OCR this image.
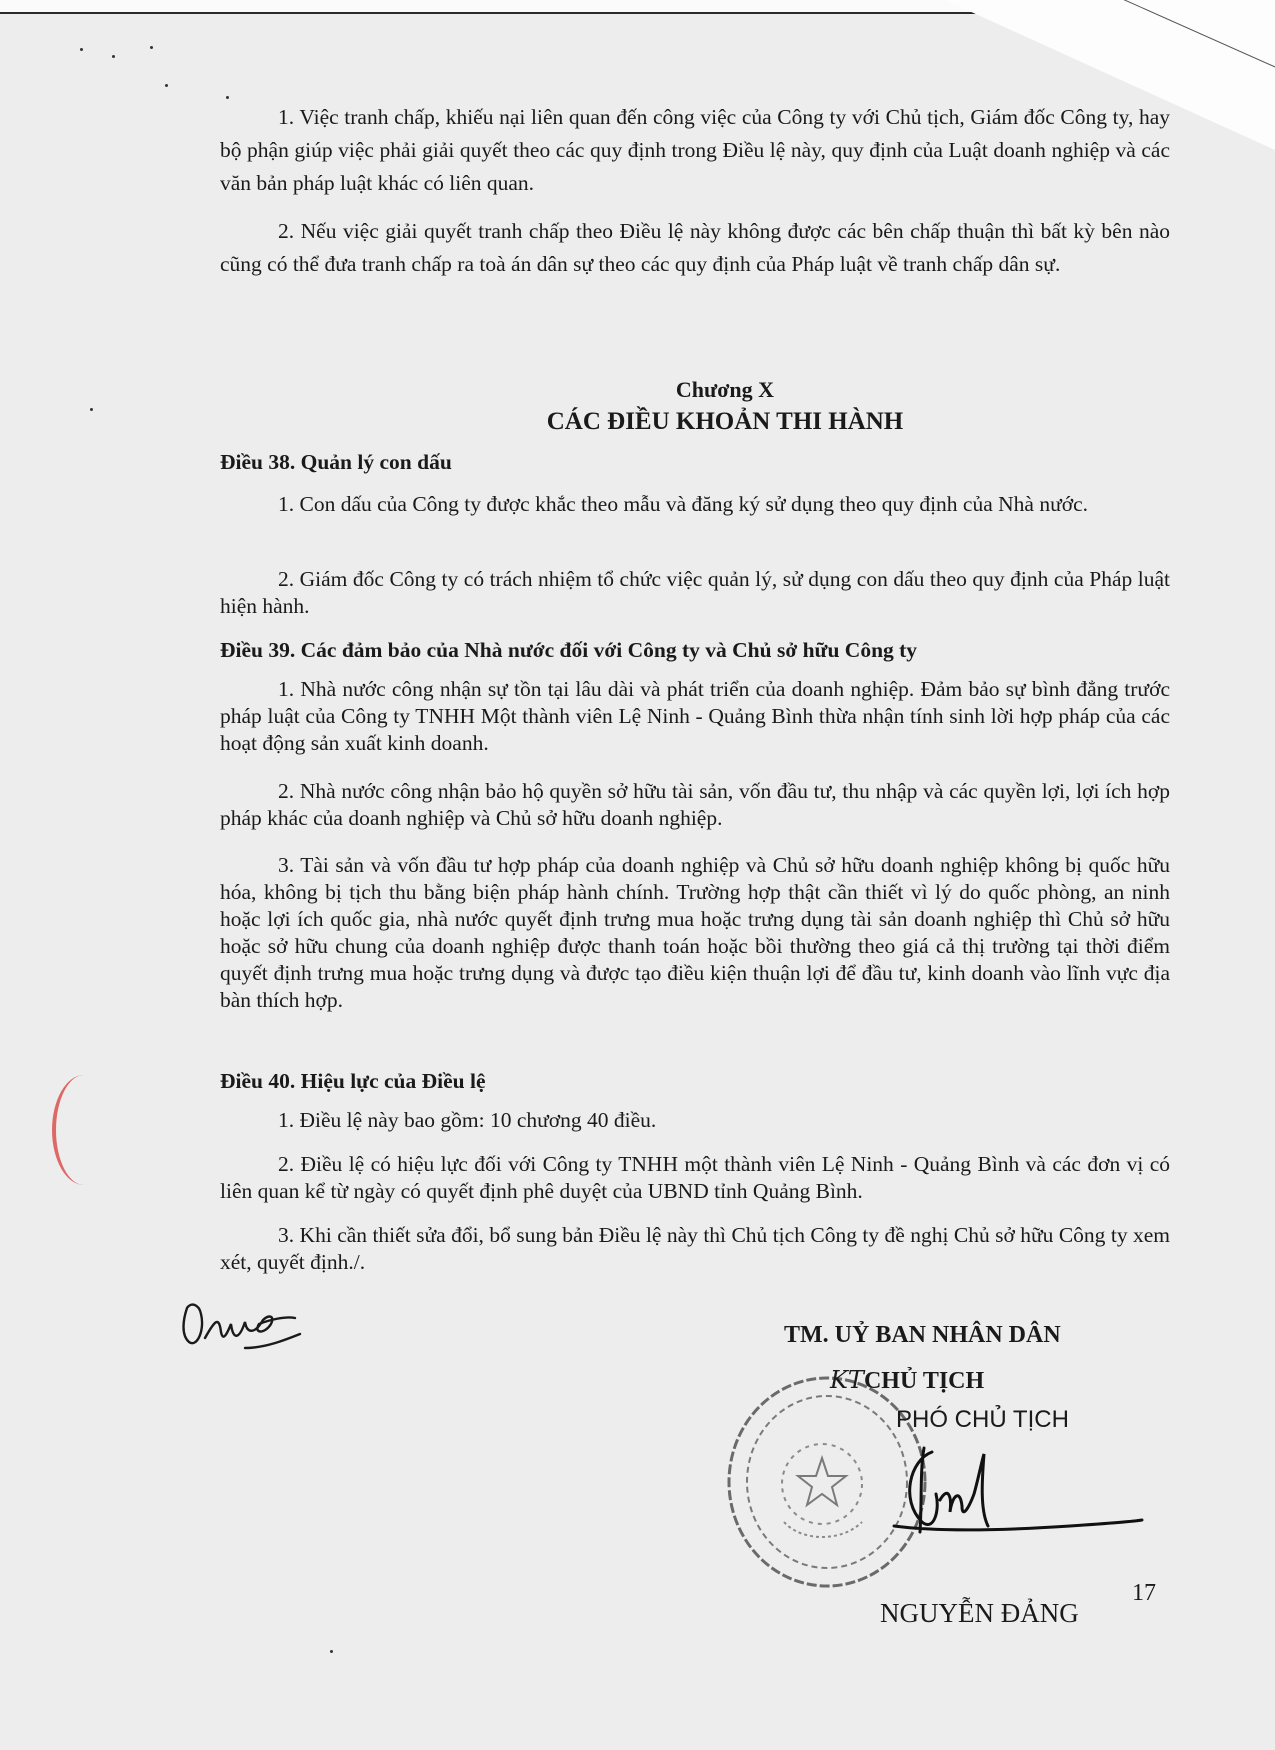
1. Việc tranh chấp, khiếu nại liên quan đến công việc của Công ty với Chủ tịch, Giám đốc Công ty, hay bộ phận giúp việc phải giải quyết theo các quy định trong Điều lệ này, quy định của Luật doanh nghiệp và các văn bản pháp luật khác có liên quan.

2. Nếu việc giải quyết tranh chấp theo Điều lệ này không được các bên chấp thuận thì bất kỳ bên nào cũng có thể đưa tranh chấp ra toà án dân sự theo các quy định của Pháp luật về tranh chấp dân sự.

Chương X

CÁC ĐIỀU KHOẢN THI HÀNH

Điều 38. Quản lý con dấu

1. Con dấu của Công ty được khắc theo mẫu và đăng ký sử dụng theo quy định của Nhà nước.

2. Giám đốc Công ty có trách nhiệm tổ chức việc quản lý, sử dụng con dấu theo quy định của Pháp luật hiện hành.

Điều 39. Các đảm bảo của Nhà nước đối với Công ty và Chủ sở hữu Công ty

1. Nhà nước công nhận sự tồn tại lâu dài và phát triển của doanh nghiệp. Đảm bảo sự bình đẳng trước pháp luật của Công ty TNHH Một thành viên Lệ Ninh - Quảng Bình thừa nhận tính sinh lời hợp pháp của các hoạt động sản xuất kinh doanh.

2. Nhà nước công nhận bảo hộ quyền sở hữu tài sản, vốn đầu tư, thu nhập và các quyền lợi, lợi ích hợp pháp khác của doanh nghiệp và Chủ sở hữu doanh nghiệp.

3. Tài sản và vốn đầu tư hợp pháp của doanh nghiệp và Chủ sở hữu doanh nghiệp không bị quốc hữu hóa, không bị tịch thu bằng biện pháp hành chính. Trường hợp thật cần thiết vì lý do quốc phòng, an ninh hoặc lợi ích quốc gia, nhà nước quyết định trưng mua hoặc trưng dụng tài sản doanh nghiệp thì Chủ sở hữu hoặc sở hữu chung của doanh nghiệp được thanh toán hoặc bồi thường theo giá cả thị trường tại thời điểm quyết định trưng mua hoặc trưng dụng và được tạo điều kiện thuận lợi để đầu tư, kinh doanh vào lĩnh vực địa bàn thích hợp.

Điều 40. Hiệu lực của Điều lệ

1. Điều lệ này bao gồm: 10 chương 40 điều.

2. Điều lệ có hiệu lực đối với Công ty TNHH một thành viên Lệ Ninh - Quảng Bình và các đơn vị có liên quan kể từ ngày có quyết định phê duyệt của UBND tỉnh Quảng Bình.

3. Khi cần thiết sửa đổi, bổ sung bản Điều lệ này thì Chủ tịch Công ty đề nghị Chủ sở hữu Công ty xem xét, quyết định./.

TM. UỶ BAN NHÂN DÂN

KTCHỦ TỊCH

PHÓ CHỦ TỊCH

17

NGUYỄN ĐẢNG
